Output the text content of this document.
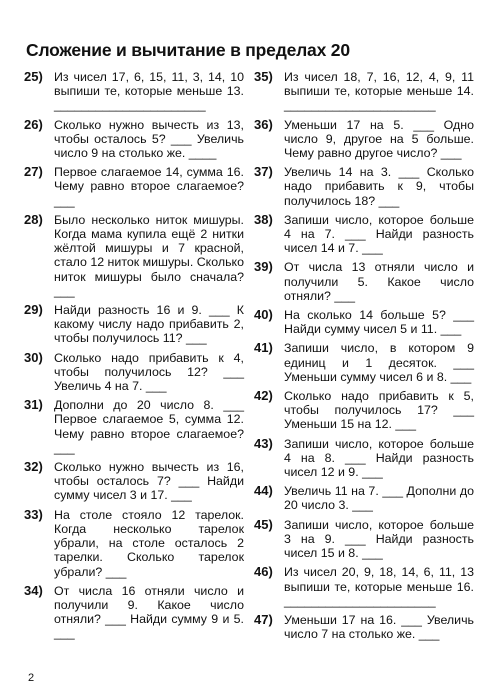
Сложение и вычитание в пределах 20
25) Из чисел 17, 6, 15, 11, 3, 14, 10 выпиши те, которые меньше 13. ______________________
26) Сколько нужно вычесть из 13, чтобы осталось 5? ___ Увеличь число 9 на столько же. ____
27) Первое слагаемое 14, сумма 16. Чему равно второе слагаемое? ___
28) Было несколько ниток мишуры. Когда мама купила ещё 2 нитки жёлтой мишуры и 7 красной, стало 12 ниток мишуры. Сколько ниток мишуры было сначала? ___
29) Найди разность 16 и 9. ___ К какому числу надо прибавить 2, чтобы получилось 11? ___
30) Сколько надо прибавить к 4, чтобы получилось 12? ___ Увеличь 4 на 7. ___
31) Дополни до 20 число 8. ___ Первое слагаемое 5, сумма 12. Чему равно второе слагаемое? ___
32) Сколько нужно вычесть из 16, чтобы осталось 7? ___ Найди сумму чисел 3 и 17. ___
33) На столе стояло 12 тарелок. Когда несколько тарелок убрали, на столе осталось 2 тарелки. Сколько тарелок убрали? ___
34) От числа 16 отняли число и получили 9. Какое число отняли? ___ Найди сумму 9 и 5. ___
35) Из чисел 18, 7, 16, 12, 4, 9, 11 выпиши те, которые меньше 14. ______________________
36) Уменьши 17 на 5. ___ Одно число 9, другое на 5 больше. Чему равно другое число? ___
37) Увеличь 14 на 3. ___ Сколько надо прибавить к 9, чтобы получилось 18? ___
38) Запиши число, которое больше 4 на 7. ___ Найди разность чисел 14 и 7. ___
39) От числа 13 отняли число и получили 5. Какое число отняли? ___
40) На сколько 14 больше 5? ___ Найди сумму чисел 5 и 11. ___
41) Запиши число, в котором 9 единиц и 1 десяток. ___ Уменьши сумму чисел 6 и 8. ___
42) Сколько надо прибавить к 5, чтобы получилось 17? ___ Уменьши 15 на 12. ___
43) Запиши число, которое больше 4 на 8. ___ Найди разность чисел 12 и 9. ___
44) Увеличь 11 на 7. ___ Дополни до 20 число 3. ___
45) Запиши число, которое больше 3 на 9. ___ Найди разность чисел 15 и 8. ___
46) Из чисел 20, 9, 18, 14, 6, 11, 13 выпиши те, которые меньше 16. ______________________
47) Уменьши 17 на 16. ___ Увеличь число 7 на столько же. ___
2
